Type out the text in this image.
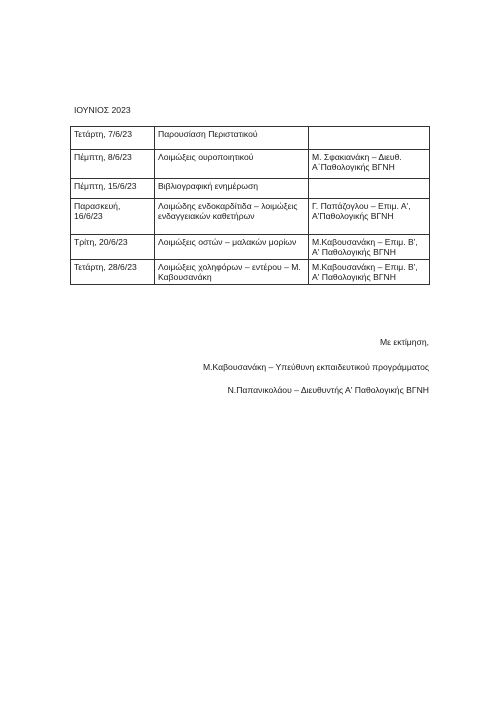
ΙΟΥΝΙΟΣ 2023
Τετάρτη, 7/6/23	Παρουσίαση Περιστατικού	
Πέμπτη, 8/6/23	Λοιμώξεις ουροποιητικού	Μ. Σφακιανάκη – Διευθ. Α΄Παθολογικής ΒΓΝΗ
Πέμπτη, 15/6/23	Βιβλιογραφική ενημέρωση	
Παρασκευή, 16/6/23	Λοιμώδης ενδοκαρδίτιδα – λοιμώξεις ενδαγγειακών καθετήρων	Γ. Παπάζογλου – Επιμ. Α', Α'Παθολογικής ΒΓΝΗ
Τρίτη, 20/6/23	Λοιμώξεις οστών – μαλακών μορίων	Μ.Καβουσανάκη – Επιμ. Β', Α' Παθολογικής ΒΓΝΗ
Τετάρτη, 28/6/23	Λοιμώξεις χοληφόρων – εντέρου – Μ. Καβουσανάκη	Μ.Καβουσανάκη – Επιμ. Β', Α' Παθολογικής ΒΓΝΗ
Με εκτίμηση,
Μ.Καβουσανάκη – Υπεύθυνη εκπαιδευτικού προγράμματος
Ν.Παπανικολάου – Διευθυντής Α' Παθολογικής ΒΓΝΗ
